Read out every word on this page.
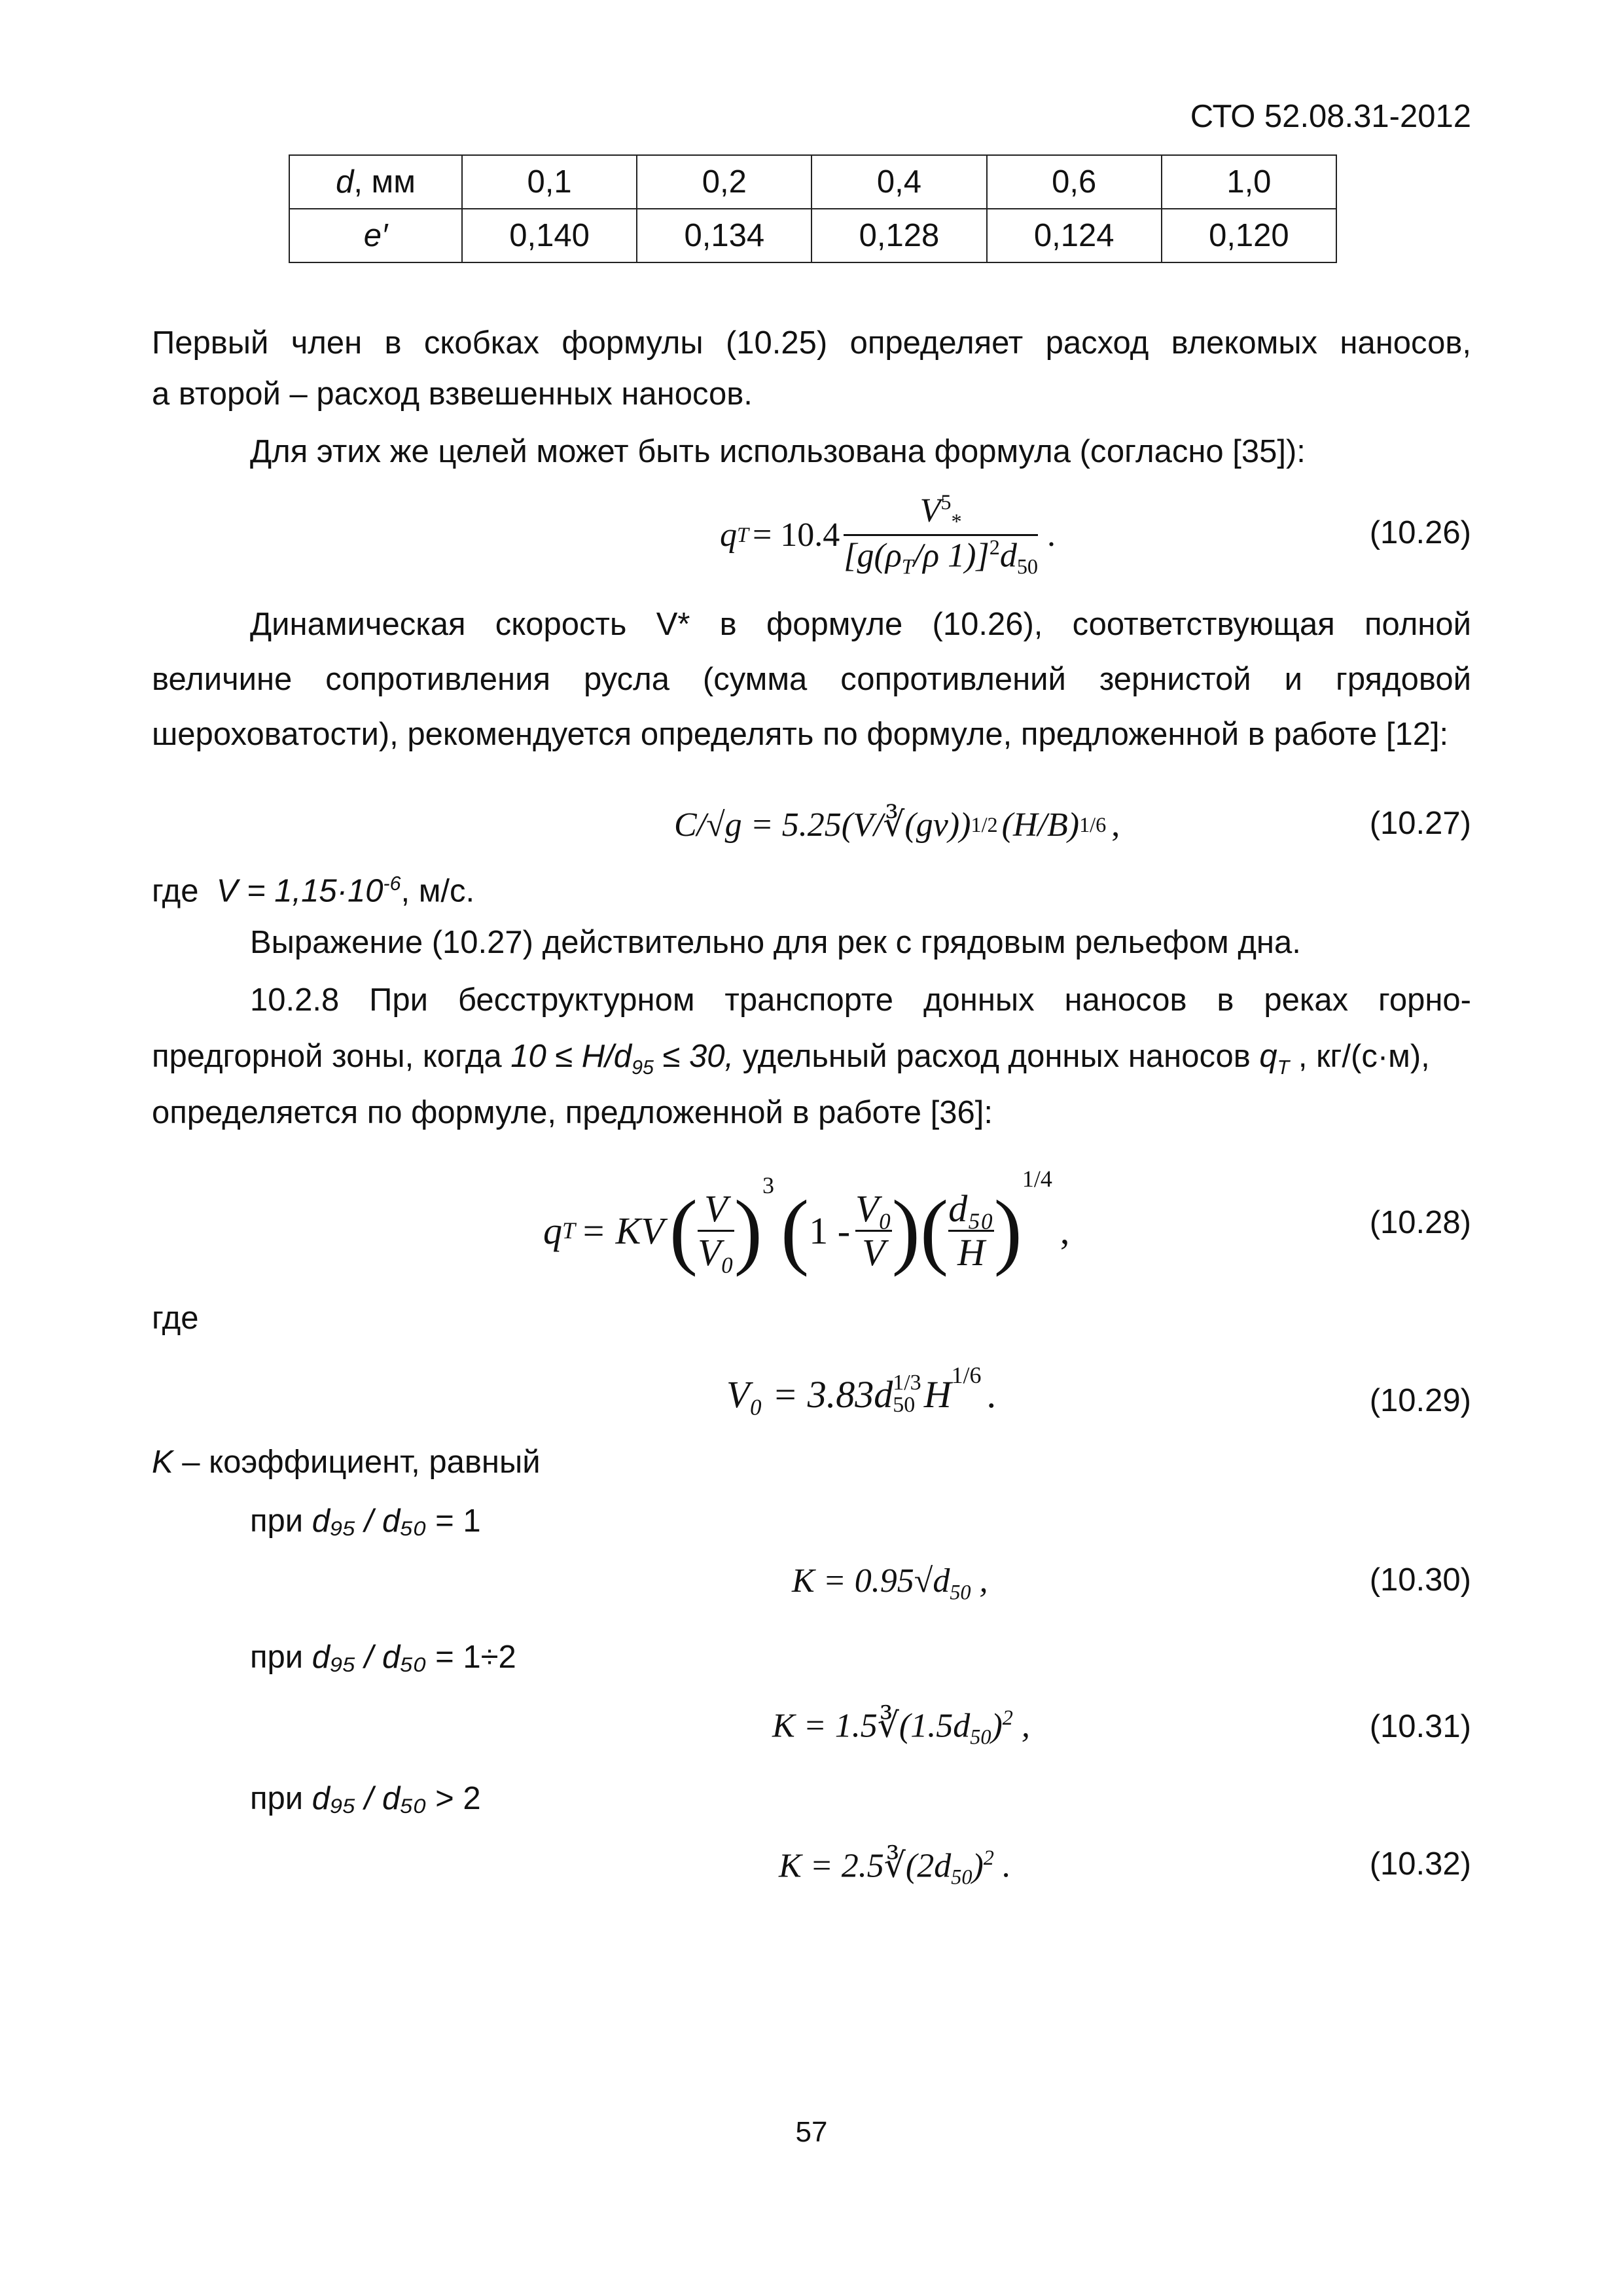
СТО 52.08.31-2012
d, мм	0,1	0,2	0,4	0,6	1,0
e′	0,140	0,134	0,128	0,124	0,120
Первый член в скобках формулы (10.25) определяет расход влекомых наносов,
а второй – расход взвешенных наносов.
Для этих же целей может быть использована формула (согласно [35]):
q $T = 10.4 \frac{V^5_*}{[g(\rho_T/\rho 1)]^2d_{50}}$ .	(10.26)
Динамическая скорость V* в формуле (10.26), соответствующая полной
величине сопротивления русла (сумма сопротивлений зернистой и грядовой
шероховатости), рекомендуется определять по формуле, предложенной в работе [12]:
C/√g = 5.25(V/∛(gν)) 1/2 (H/B) 1/6 ,	(10.27)
где $V = 1,15\cdot 10^{-6}$, м/с.
Выражение (10.27) действительно для рек с грядовым рельефом дна.
10.2.8 При бесструктурном транспорте донных наносов в реках горно-
предгорной зоны, когда $10 \le H/d_{95} \le 30$, удельный расход донных наносов $q_T$ , кг/(с·м),
определяется по формуле, предложенной в работе [36]:
q T = KV ( $\frac{V}{\text{V₀}} )^3$ ( $1 - \frac{\text{V₀}}{V}$ )( $\frac{\text{d₅₀}}{H}$ )
$^{1/4}$
,	(10.28)
где
V₀ = 3.83d 1/3
50 $H^{1/6}$ .	(10.29)
K – коэффициент, равный
при d₉₅ / d₅₀ = 1
$K = 0.95√d_{50}$ ,	(10.30)
при d₉₅ / d₅₀ = 1÷2
$K = 1.5∛(1.5d_{50})^2$ ,	(10.31)
при d₉₅ / d₅₀ > 2
$K = 2.5∛(2d_{50})^2$ .	(10.32)
57
